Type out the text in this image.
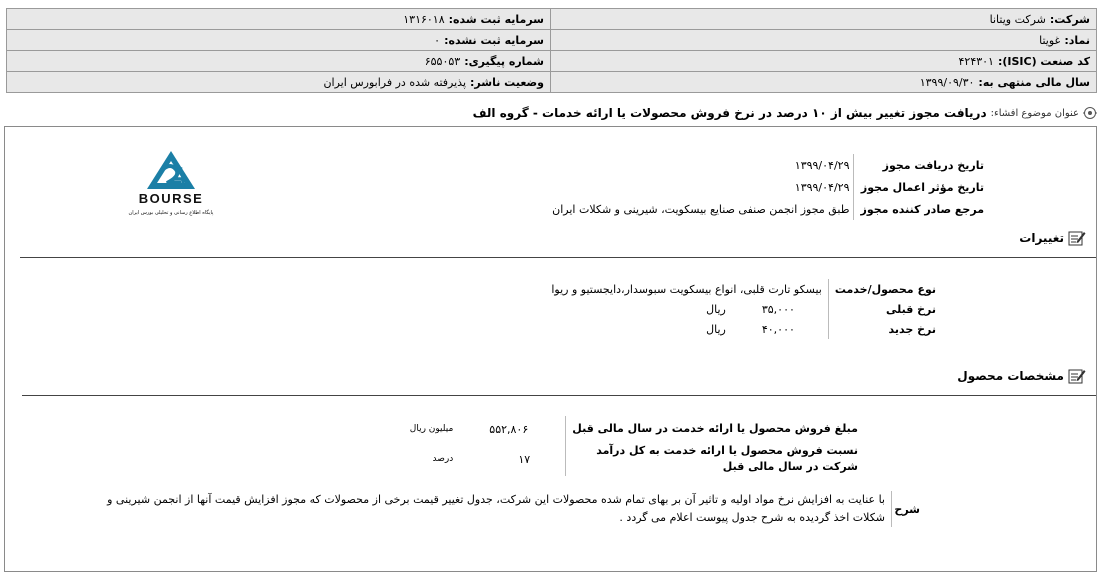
شرکت:شرکت ویتانا	سرمایه ثبت شده:۱۳۱۶۰۱۸
نماد:غویتا	سرمایه ثبت نشده:۰
کد صنعت (ISIC):۴۲۴۳۰۱	شماره پیگیری:۶۵۵۰۵۳
سال مالی منتهی به:۱۳۹۹/۰۹/۳۰	وضعیت ناشر:پذیرفته شده در فرابورس ایران
عنوان موضوع افشاء:
دریافت مجوز تغییر بیش از ۱۰ درصد در نرخ فروش محصولات یا ارائه خدمات - گروه الف
تاریخ دریافت مجوز	۱۳۹۹/۰۴/۲۹
تاریخ مؤثر اعمال مجوز	۱۳۹۹/۰۴/۲۹
مرجع صادر کننده مجوز	طبق مجوز انجمن صنفی صنایع بیسکویت، شیرینی و شکلات ایران
BOURSE
پایگاه اطلاع رسانی و تحلیلی بورس ایران
تغییرات
نوع محصول/خدمت	بیسکو تارت قلبی، انواع بیسکویت سبوسدار،دایجستیو و ریوا	
نرخ قبلی	۳۵,۰۰۰	ریال
نرخ جدید	۴۰,۰۰۰	ریال
مشخصات محصول
مبلغ فروش محصول یا ارائه خدمت در سال مالی قبل	۵۵۲,۸۰۶	میلیون ریال

نسبت فروش محصول یا ارائه خدمت به کل درآمد
شرکت در سال مالی قبل	۱۷	درصد
شرح
با عنایت به افزایش نرخ مواد اولیه و تاثیر آن بر بهای تمام شده محصولات این شرکت، جدول تغییر قیمت برخی از محصولات که مجوز افزایش قیمت آنها از انجمن شیرینی و شکلات اخذ گردیده به شرح جدول پیوست اعلام می گردد .
